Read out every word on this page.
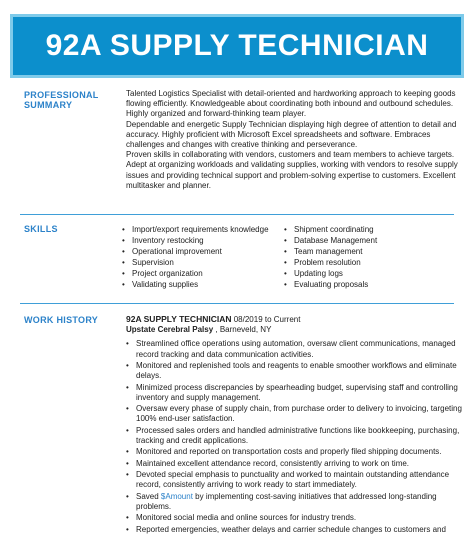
92A SUPPLY TECHNICIAN
PROFESSIONAL
SUMMARY

Talented Logistics Specialist with detail-oriented and hardworking approach to keeping goods flowing efficiently. Knowledgeable about coordinating both inbound and outbound schedules. Highly organized and forward-thinking team player.

Dependable and energetic Supply Technician displaying high degree of attention to detail and accuracy. Highly proficient with Microsoft Excel spreadsheets and software. Embraces challenges and changes with creative thinking and perseverance.

Proven skills in collaborating with vendors, customers and team members to achieve targets. Adept at organizing workloads and validating supplies, working with vendors to resolve supply issues and providing technical support and problem-solving expertise to customers. Excellent multitasker and planner.

SKILLS
•	Import/export requirements knowledge
• Inventory restocking
• Operational improvement
• Supervision
• Project organization
• Validating supplies
• Shipment coordinating
• Database Management
• Team management
• Problem resolution
• Updating logs
• Evaluating proposals
WORK HISTORY	92A SUPPLY TECHNICIAN 08/2019 to Current
Upstate Cerebral Palsy , Barneveld, NY
• Streamlined office operations using automation, oversaw client communications, managed record tracking and data communication activities.
• Monitored and replenished tools and reagents to enable smoother workflows and eliminate delays.
• Minimized process discrepancies by spearheading budget, supervising staff and controlling inventory and supply management.
• Oversaw every phase of supply chain, from purchase order to delivery to invoicing, targeting 100% end-user satisfaction.
• Processed sales orders and handled administrative functions like bookkeeping, purchasing, tracking and credit applications.
• Monitored and reported on transportation costs and properly filed shipping documents.
• Maintained excellent attendance record, consistently arriving to work on time.
• Devoted special emphasis to punctuality and worked to maintain outstanding attendance record, consistently arriving to work ready to start immediately.
• Saved $Amount by implementing cost-saving initiatives that addressed long-standing problems.
• Monitored social media and online sources for industry trends.
• Reported emergencies, weather delays and carrier schedule changes to customers and
